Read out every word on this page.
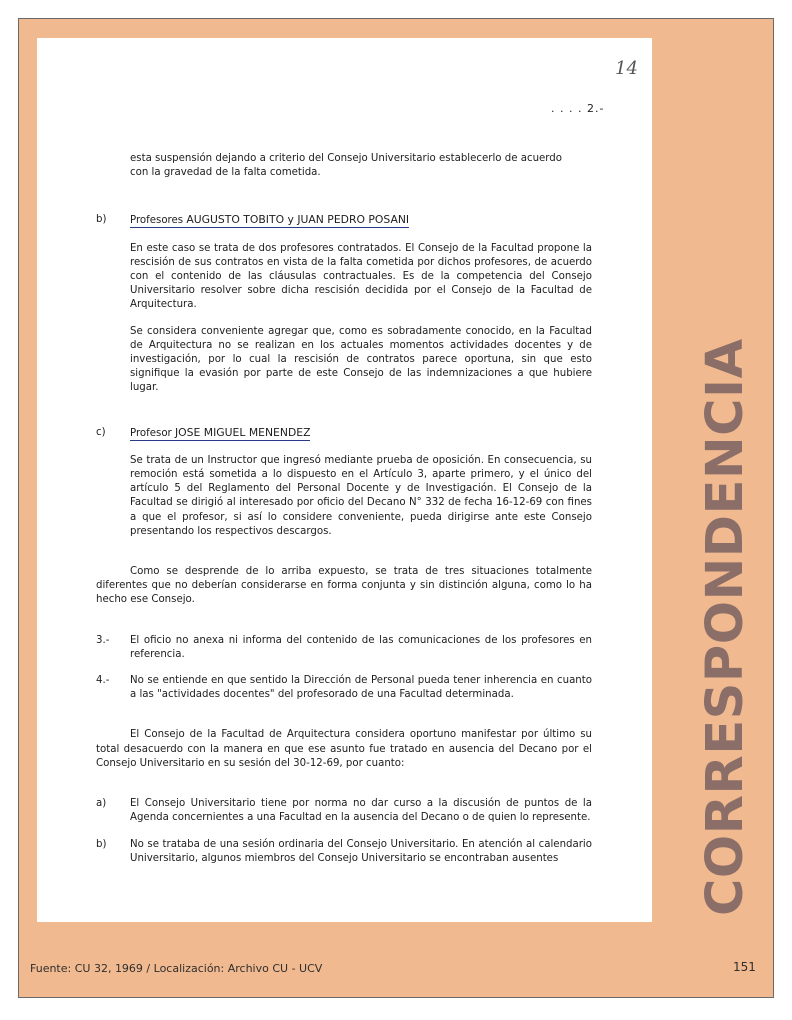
14
. . . . 2.-
esta suspensión dejando a criterio del Consejo Universitario establecerlo de acuerdo
con la gravedad de la falta cometida.
b)	Profesores AUGUSTO TOBITO y JUAN PEDRO POSANI

En este caso se trata de dos profesores contratados. El Consejo de la Facultad propone la rescisión de sus contratos en vista de la falta cometida por dichos profesores, de acuerdo con el contenido de las cláusulas contractuales. Es de la competencia del Consejo Universitario resolver sobre dicha rescisión decidida por el Consejo de la Facultad de Arquitectura.

Se considera conveniente agregar que, como es sobradamente conocido, en la Facultad de Arquitectura no se realizan en los actuales momentos actividades docentes y de investigación, por lo cual la rescisión de contratos parece oportuna, sin que esto signifique la evasión por parte de este Consejo de las indemnizaciones a que hubiere lugar.

c)	Profesor JOSE MIGUEL MENENDEZ

Se trata de un Instructor que ingresó mediante prueba de oposición. En consecuencia, su remoción está sometida a lo dispuesto en el Artículo 3, aparte primero, y el único del artículo 5 del Reglamento del Personal Docente y de Investigación. El Consejo de la Facultad se dirigió al interesado por oficio del Decano N° 332 de fecha 16-12-69 con fines a que el profesor, si así lo considere conveniente, pueda dirigirse ante este Consejo presentando los respectivos descargos.

Como se desprende de lo arriba expuesto, se trata de tres situaciones totalmente diferentes que no deberían considerarse en forma conjunta y sin distinción alguna, como lo ha hecho ese Consejo.

3.-	El oficio no anexa ni informa del contenido de las comunicaciones de los profesores en referencia.

4.-	No se entiende en que sentido la Dirección de Personal pueda tener inherencia en cuanto a las "actividades docentes" del profesorado de una Facultad determinada.

El Consejo de la Facultad de Arquitectura considera oportuno manifestar por último su total desacuerdo con la manera en que ese asunto fue tratado en ausencia del Decano por el Consejo Universitario en su sesión del 30-12-69, por cuanto:

a)	El Consejo Universitario tiene por norma no dar curso a la discusión de puntos de la Agenda concernientes a una Facultad en la ausencia del Decano o de quien lo represente.

b)	No se trataba de una sesión ordinaria del Consejo Universitario. En atención al calendario Universitario, algunos miembros del Consejo Universitario se encontraban ausentes	CORRESPONDENCIA
Fuente: CU 32, 1969 / Localización: Archivo CU - UCV	151
